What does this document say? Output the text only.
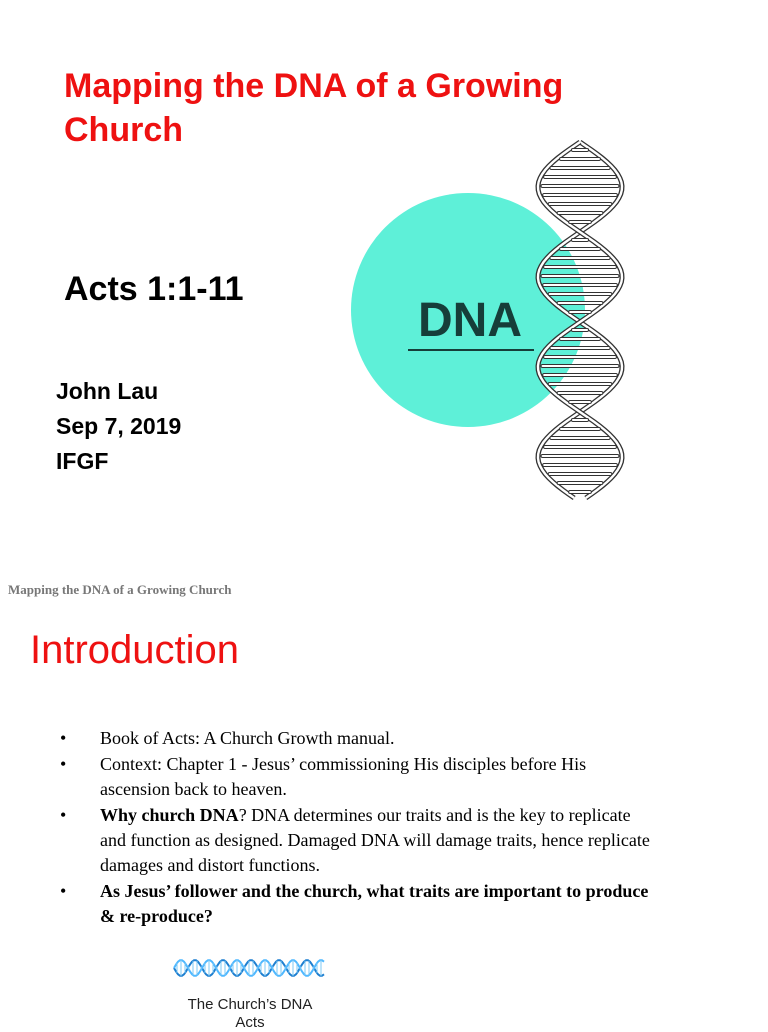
Mapping the DNA of a Growing Church
Acts 1:1-11
John Lau
Sep 7, 2019
IFGF
DNA
Mapping the DNA of a Growing Church
Introduction
• Book of Acts: A Church Growth manual.
• Context: Chapter 1 - Jesus’ commissioning His disciples before His ascension back to heaven.
• Why church DNA? DNA determines our traits and is the key to replicate and function as designed. Damaged DNA will damage traits, hence replicate damages and distort functions.
• As Jesus’ follower and the church, what traits are important to produce & re-produce?
The Church’s DNA
Acts
